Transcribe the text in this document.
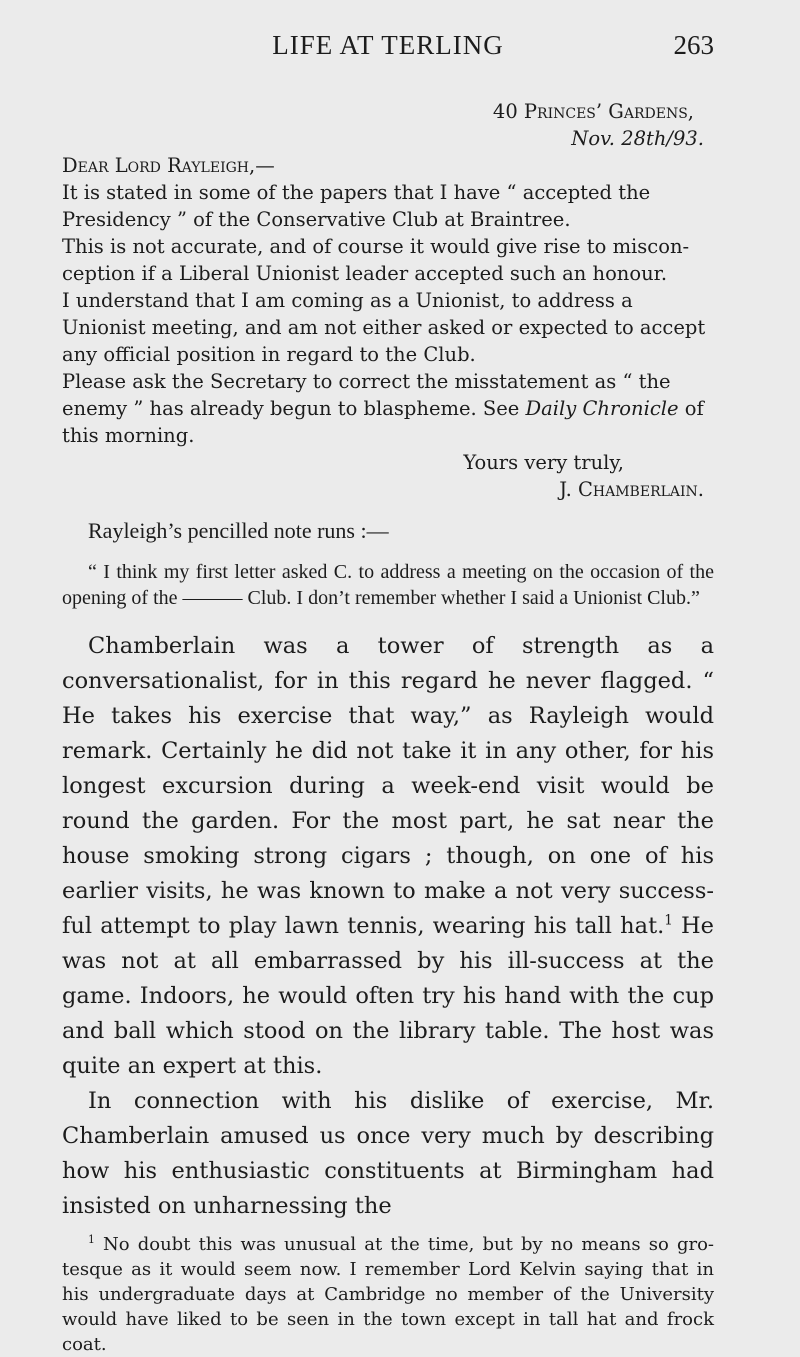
LIFE AT TERLING	263

40 Princes’ Gardens,

Nov. 28th/93.

Dear Lord Rayleigh,—

It is stated in some of the papers that I have “ accepted the Presidency ” of the Conservative Club at Braintree.

This is not accurate, and of course it would give rise to miscon-ception if a Liberal Unionist leader accepted such an honour.

I understand that I am coming as a Unionist, to address a Unionist meeting, and am not either asked or expected to accept any official position in regard to the Club.

Please ask the Secretary to correct the misstatement as “ the enemy ” has already begun to blaspheme. See Daily Chronicle of this morning.

Yours very truly,

J. Chamberlain.

Rayleigh’s pencilled note runs :—

“ I think my first letter asked C. to address a meeting on the occasion of the opening of the ——— Club. I don’t remember whether I said a Unionist Club.”

Chamberlain was a tower of strength as a conversationalist, for in this regard he never flagged. “ He takes his exercise that way,” as Rayleigh would remark. Certainly he did not take it in any other, for his longest excursion during a week-end visit would be round the garden. For the most part, he sat near the house smoking strong cigars ; though, on one of his earlier visits, he was known to make a not very success-ful attempt to play lawn tennis, wearing his tall hat.$^1$ He was not at all embarrassed by his ill-success at the game. Indoors, he would often try his hand with the cup and ball which stood on the library table. The host was quite an expert at this.

In connection with his dislike of exercise, Mr. Chamberlain amused us once very much by describing how his enthusiastic constituents at Birmingham had insisted on unharnessing the

$^1$ No doubt this was unusual at the time, but by no means so gro-tesque as it would seem now. I remember Lord Kelvin saying that in his undergraduate days at Cambridge no member of the University would have liked to be seen in the town except in tall hat and frock coat.
